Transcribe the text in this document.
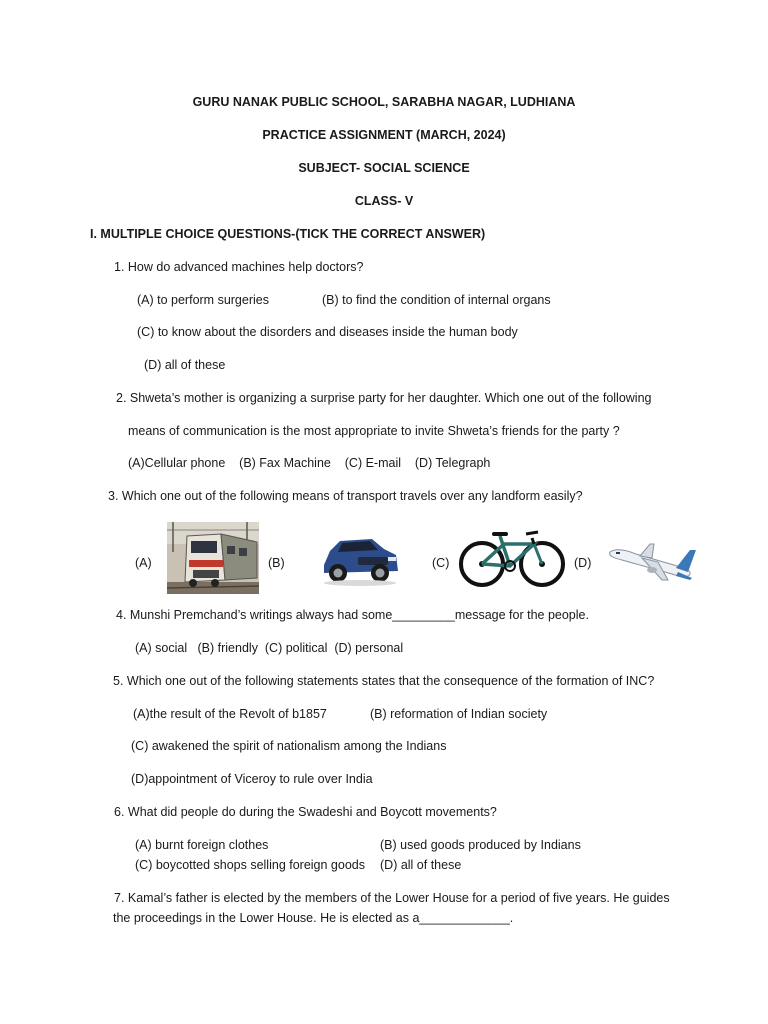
GURU NANAK PUBLIC SCHOOL, SARABHA NAGAR, LUDHIANA
PRACTICE ASSIGNMENT (MARCH, 2024)
SUBJECT- SOCIAL SCIENCE
CLASS- V
I. MULTIPLE CHOICE QUESTIONS-(TICK THE CORRECT ANSWER)
1. How do advanced machines help doctors?
(A) to perform surgeries	(B) to find the condition of internal organs
(C) to know about the disorders and diseases inside the human body
(D) all of these
2. Shweta’s mother is organizing a surprise party for her daughter. Which one out of the following
means of communication is the most appropriate to invite Shweta’s friends for the party ?
(A)Cellular phone    (B) Fax Machine    (C) E-mail    (D) Telegraph
3. Which one out of the following means of transport travels over any landform easily?
(A)	(B)	(C)	(D)
4. Munshi Premchand’s writings always had some_________message for the people.
(A) social   (B) friendly  (C) political  (D) personal
5. Which one out of the following statements states that the consequence of the formation of INC?
(A)the result of the Revolt of b1857	(B) reformation of Indian society
(C) awakened the spirit of nationalism among the Indians
(D)appointment of Viceroy to rule over India
6. What did people do during the Swadeshi and Boycott movements?
(A) burnt foreign clothes	(B) used goods produced by Indians
(C) boycotted shops selling foreign goods (D) all of these
7. Kamal’s father is elected by the members of the Lower House for a period of five years. He guides
the proceedings in the Lower House. He is elected as a_____________.
